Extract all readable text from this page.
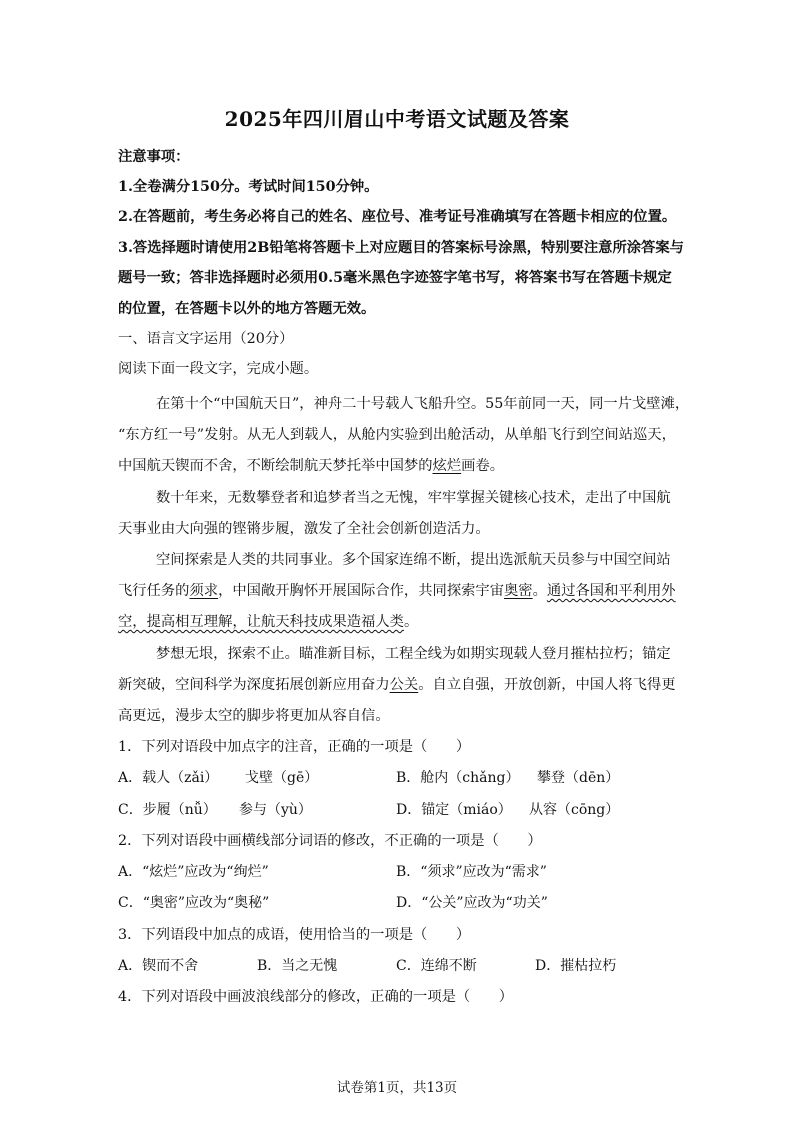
2025年四川眉山中考语文试题及答案
注意事项：
1.全卷满分150分。考试时间150分钟。
2.在答题前，考生务必将自己的姓名、座位号、准考证号准确填写在答题卡相应的位置。
3.答选择题时请使用2B铅笔将答题卡上对应题目的答案标号涂黑，特别要注意所涂答案与
题号一致；答非选择题时必须用0.5毫米黑色字迹签字笔书写，将答案书写在答题卡规定
的位置，在答题卡以外的地方答题无效。
一、语言文字运用（20分）
阅读下面一段文字，完成小题。
在第十个“中国航天日”，神舟二十号载人飞船升空。55年前同一天，同一片戈壁滩，
“东方红一号”发射。从无人到载人，从舱内实验到出舱活动，从单船飞行到空间站巡天，
中国航天锲而不舍，不断绘制航天梦托举中国梦的炫烂画卷。
数十年来，无数攀登者和追梦者当之无愧，牢牢掌握关键核心技术，走出了中国航
天事业由大向强的铿锵步履，激发了全社会创新创造活力。
空间探索是人类的共同事业。多个国家连绵不断，提出选派航天员参与中国空间站
飞行任务的须求，中国敞开胸怀开展国际合作，共同探索宇宙奥密。通过各国和平利用外
空，提高相互理解，让航天科技成果造福人类。
梦想无垠，探索不止。瞄准新目标，工程全线为如期实现载人登月摧枯拉朽；锚定
新突破，空间科学为深度拓展创新应用奋力公关。自立自强，开放创新，中国人将飞得更
高更远，漫步太空的脚步将更加从容自信。
1．下列对语段中加点字的注音，正确的一项是（　　）
A．载人（zǎi） 戈壁（gē）	B．舱内（chǎng） 攀登（dēn）
C．步履（nǚ） 参与（yù）	D．锚定（miáo） 从容（cōng）
2．下列对语段中画横线部分词语的修改，不正确的一项是（　　）
A．“炫烂”应改为“绚烂”	B．“须求”应改为“需求”
C．“奥密”应改为“奥秘”	D．“公关”应改为“功关”
3．下列语段中加点的成语，使用恰当的一项是（　　）
A．锲而不舍	B．当之无愧	C．连绵不断	D．摧枯拉朽
4．下列对语段中画波浪线部分的修改，正确的一项是（　　）
试卷第1页，共13页
